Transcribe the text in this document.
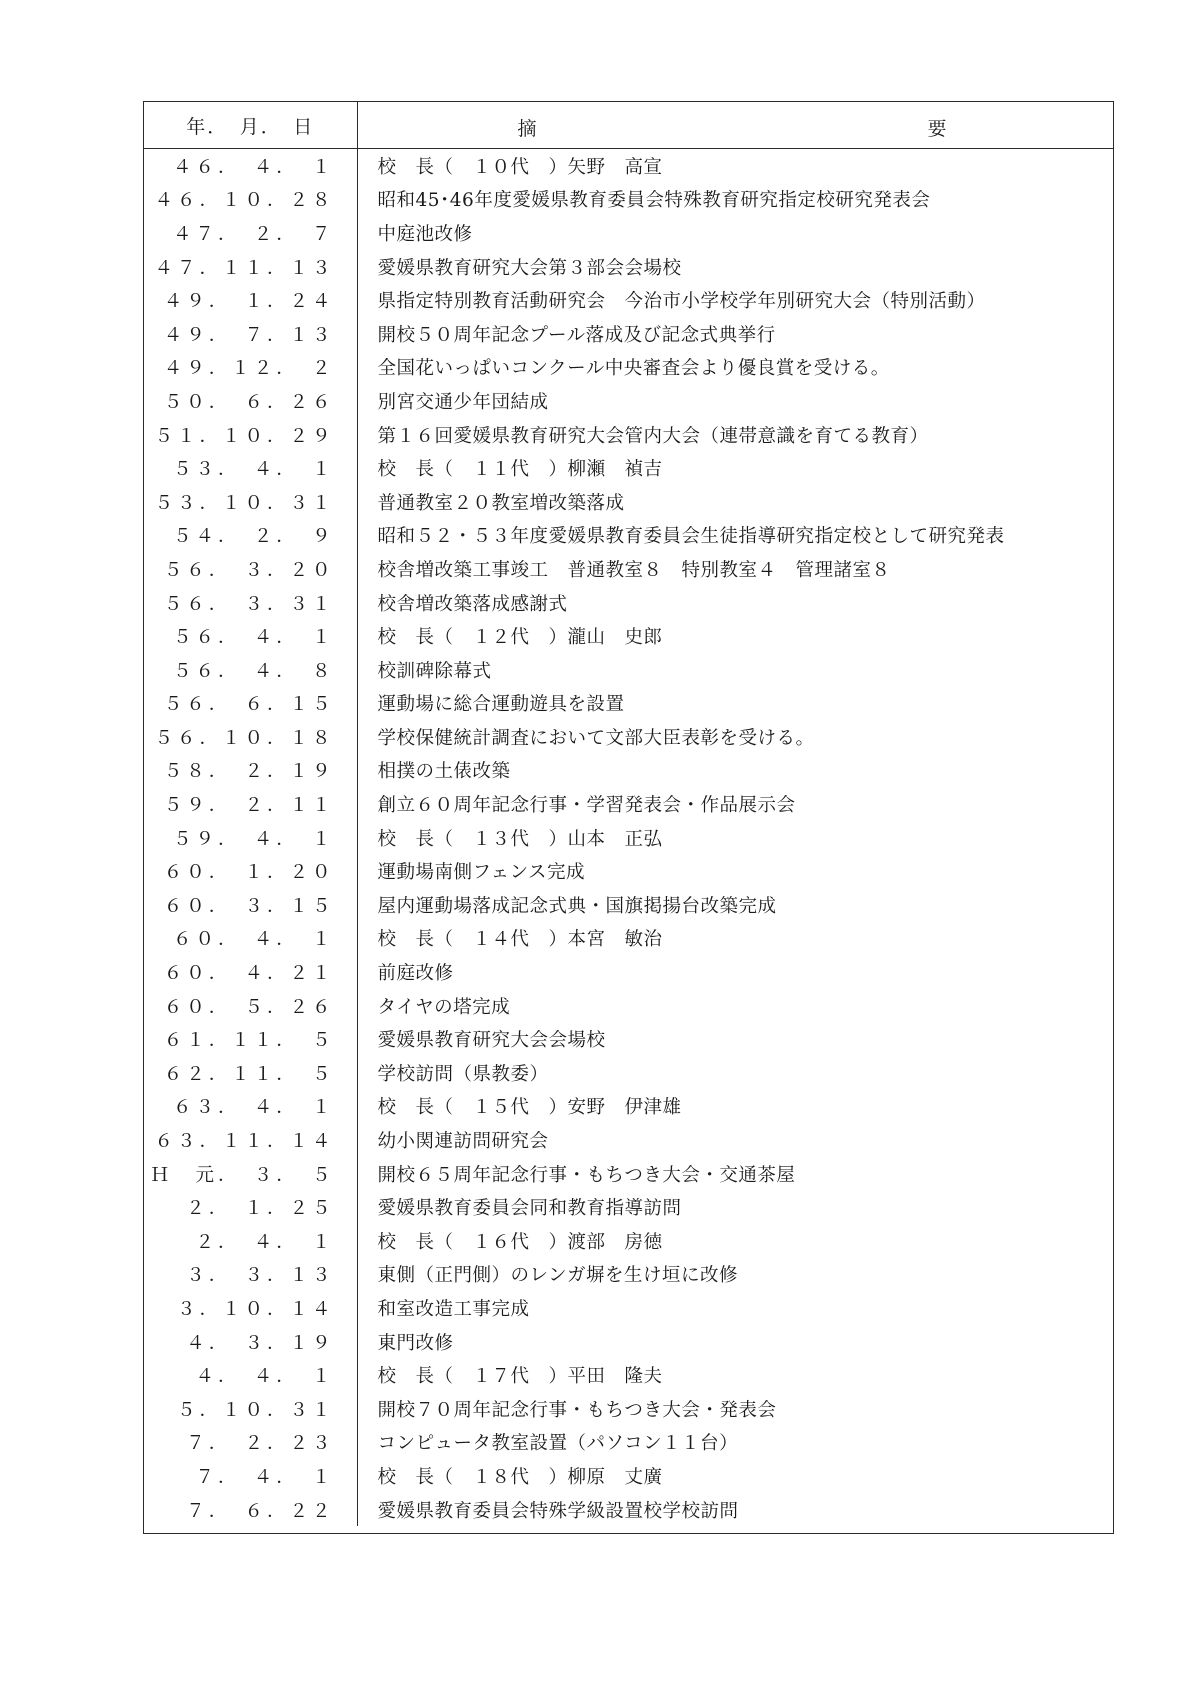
年．　月．　日	摘 要

４６．　４．　１	校　長（　１０代　）矢野　高宣
４６．１０．２８	昭和45･46年度愛媛県教育委員会特殊教育研究指定校研究発表会
４７．　２．　７	中庭池改修
４７．１１．１３	愛媛県教育研究大会第３部会会場校
４９．　１．２４	県指定特別教育活動研究会　今治市小学校学年別研究大会（特別活動）
４９．　７．１３	開校５０周年記念プール落成及び記念式典挙行
４９．１２．　２	全国花いっぱいコンクール中央審査会より優良賞を受ける。
５０．　６．２６	別宮交通少年団結成
５１．１０．２９	第１６回愛媛県教育研究大会管内大会（連帯意識を育てる教育）
５３．　４．　１	校　長（　１１代　）柳瀬　禎吉
５３．１０．３１	普通教室２０教室増改築落成
５４．　２．　９	昭和５２・５３年度愛媛県教育委員会生徒指導研究指定校として研究発表
５６．　３．２０	校舎増改築工事竣工　普通教室８　特別教室４　管理諸室８
５６．　３．３１	校舎増改築落成感謝式
５６．　４．　１	校　長（　１２代　）瀧山　史郎
５６．　４．　８	校訓碑除幕式
５６．　６．１５	運動場に総合運動遊具を設置
５６．１０．１８	学校保健統計調査において文部大臣表彰を受ける。
５８．　２．１９	相撲の土俵改築
５９．　２．１１	創立６０周年記念行事・学習発表会・作品展示会
５９．　４．　１	校　長（　１３代　）山本　正弘
６０．　１．２０	運動場南側フェンス完成
６０．　３．１５	屋内運動場落成記念式典・国旗掲揚台改築完成
６０．　４．　１	校　長（　１４代　）本宮　敏治
６０．　４．２１	前庭改修
６０．　５．２６	タイヤの塔完成
６１．１１．　５	愛媛県教育研究大会会場校
６２．１１．　５	学校訪問（県教委）
６３．　４．　１	校　長（　１５代　）安野　伊津雄
６３．１１．１４	幼小関連訪問研究会
Ｈ　元．　３．　５	開校６５周年記念行事・もちつき大会・交通茶屋
２．　１．２５	愛媛県教育委員会同和教育指導訪問
２．　４．　１	校　長（　１６代　）渡部　房徳
３．　３．１３	東側（正門側）のレンガ塀を生け垣に改修
３．１０．１４	和室改造工事完成
４．　３．１９	東門改修
４．　４．　１	校　長（　１７代　）平田　隆夫
５．１０．３１	開校７０周年記念行事・もちつき大会・発表会
７．　２．２３	コンピュータ教室設置（パソコン１１台）
７．　４．　１	校　長（　１８代　）柳原　丈廣
７．　６．２２	愛媛県教育委員会特殊学級設置校学校訪問
